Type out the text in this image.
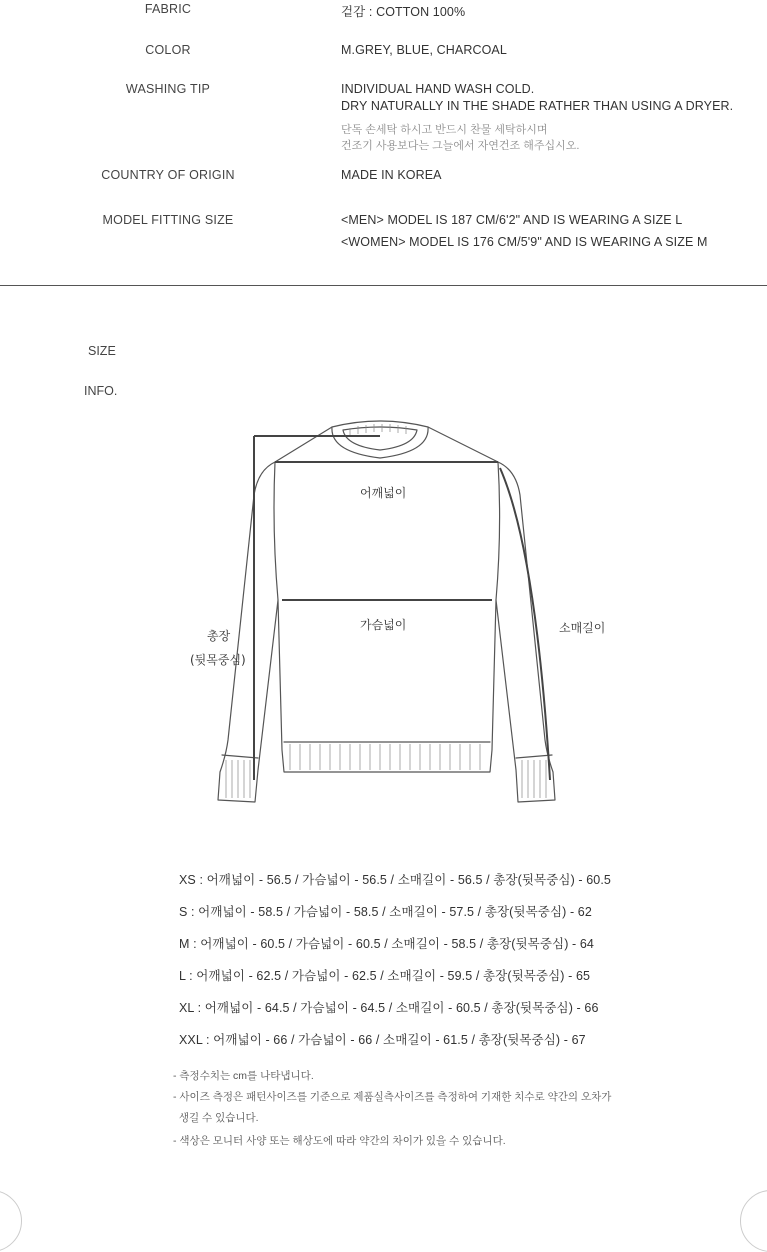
FABRIC	겉감 : COTTON 100%
COLOR	M.GREY, BLUE, CHARCOAL
WASHING TIP	INDIVIDUAL HAND WASH COLD.
DRY NATURALLY IN THE SHADE RATHER THAN USING A DRYER.
단독 손세탁 하시고 반드시 찬물 세탁하시며
건조기 사용보다는 그늘에서 자연건조 해주십시오.
COUNTRY OF ORIGIN	MADE IN KOREA
MODEL FITTING SIZE	<MEN> MODEL IS 187 CM/6'2" AND IS WEARING A SIZE L
<WOMEN> MODEL IS 176 CM/5'9" AND IS WEARING A SIZE M
SIZE
INFO.
어깨넓이
가슴넓이	소매길이
총장
(뒷목중심)
XS : 어깨넓이 - 56.5 / 가슴넓이 - 56.5 / 소매길이 - 56.5 / 총장(뒷목중심) - 60.5
S : 어깨넓이 - 58.5 / 가슴넓이 - 58.5 / 소매길이 - 57.5 / 총장(뒷목중심) - 62
M : 어깨넓이 - 60.5 / 가슴넓이 - 60.5 / 소매길이 - 58.5 / 총장(뒷목중심) - 64
L : 어깨넓이 - 62.5 / 가슴넓이 - 62.5 / 소매길이 - 59.5 / 총장(뒷목중심) - 65
XL : 어깨넓이 - 64.5 / 가슴넓이 - 64.5 / 소매길이 - 60.5 / 총장(뒷목중심) - 66
XXL : 어깨넓이 - 66 / 가슴넓이 - 66 / 소매길이 - 61.5 / 총장(뒷목중심) - 67
- 측정수치는 cm를 나타냅니다.
- 사이즈 측정은 패턴사이즈를 기준으로 제품실측사이즈를 측정하여 기재한 치수로 약간의 오차가
생길 수 있습니다.
- 색상은 모니터 사양 또는 해상도에 따라 약간의 차이가 있을 수 있습니다.
